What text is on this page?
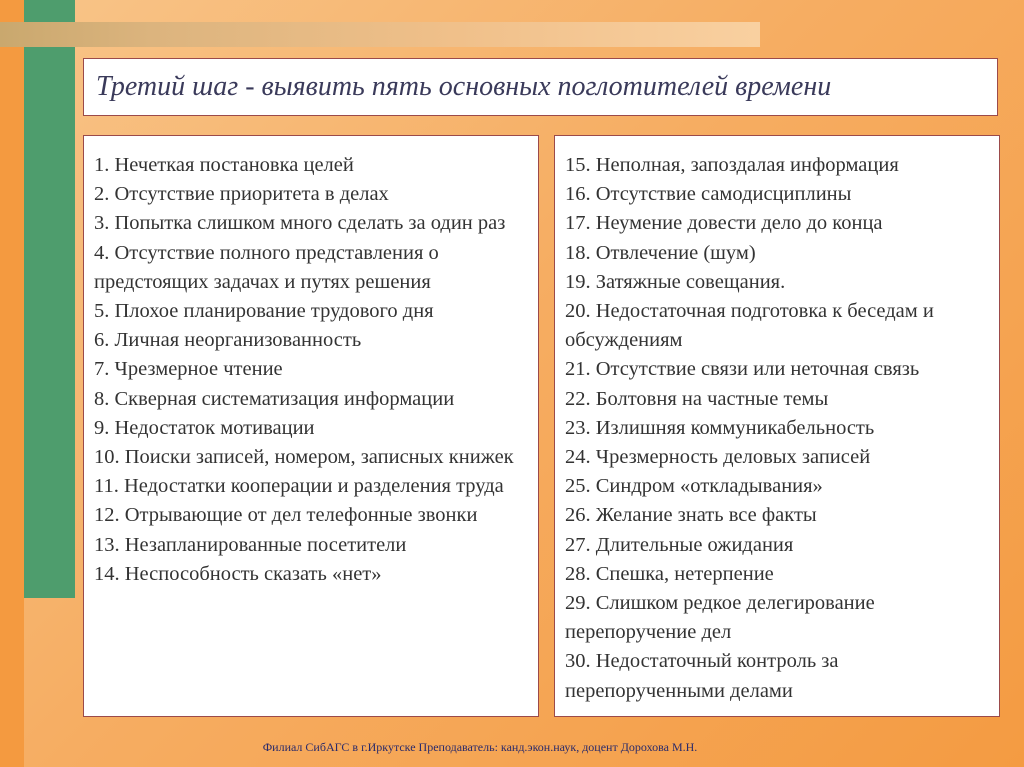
Третий шаг - выявить пять основных поглотителей времени
1. Нечеткая постановка целей
2. Отсутствие приоритета в делах
3. Попытка слишком много сделать за один раз
4. Отсутствие полного представления о предстоящих задачах и путях решения
5. Плохое планирование трудового дня
6. Личная неорганизованность
7. Чрезмерное чтение
8. Скверная систематизация информации
9. Недостаток мотивации
10. Поиски записей, номером, записных книжек
11. Недостатки кооперации и разделения труда
12. Отрывающие от дел телефонные звонки
13. Незапланированные посетители
14. Неспособность сказать «нет»
15. Неполная, запоздалая информация
16. Отсутствие самодисциплины
17. Неумение довести дело до конца
18. Отвлечение (шум)
19. Затяжные совещания.
20. Недостаточная подготовка к беседам и обсуждениям
21. Отсутствие связи или неточная связь
22. Болтовня на частные темы
23. Излишняя коммуникабельность
24. Чрезмерность деловых записей
25. Синдром «откладывания»
26. Желание знать все факты
27. Длительные ожидания
28. Спешка, нетерпение
29. Слишком редкое делегирование перепоручение дел
30. Недостаточный контроль за перепорученными делами
Филиал СибАГС в г.Иркутске Преподаватель: канд.экон.наук, доцент Дорохова М.Н.
